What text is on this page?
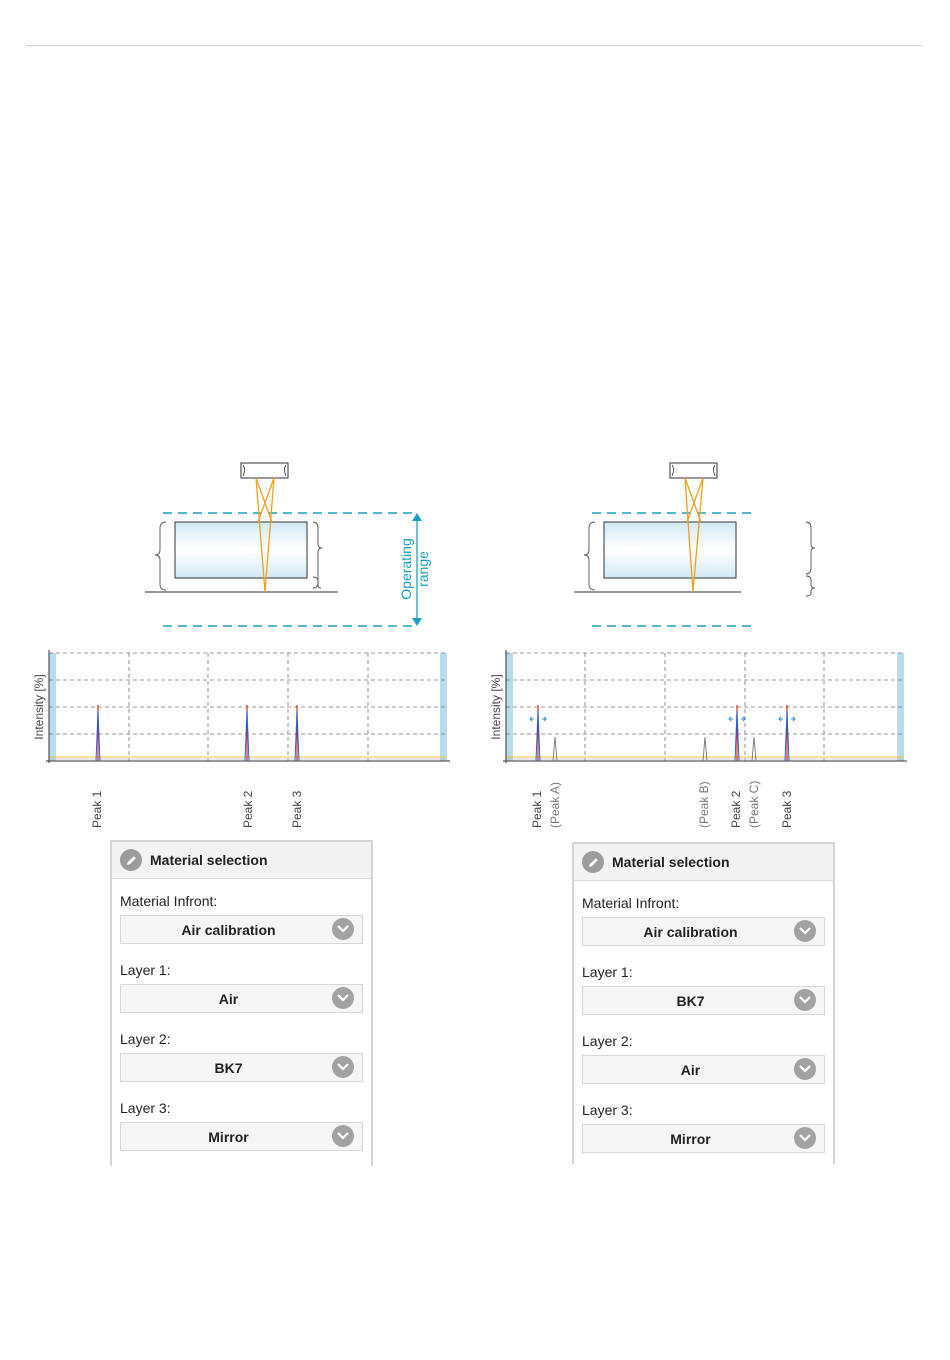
Operating range
Intensity [%]
Peak 1	Peak 2	Peak 3
Intensity [%]
Peak 1 (Peak A)	(Peak B) Peak 2 (Peak C) Peak 3
Material selection
Material Infront:
Air calibration
Layer 1:
Air
Layer 2:
BK7
Layer 3:
Mirror
Material selection
Material Infront:
Air calibration
Layer 1:
BK7
Layer 2:
Air
Layer 3:
Mirror
